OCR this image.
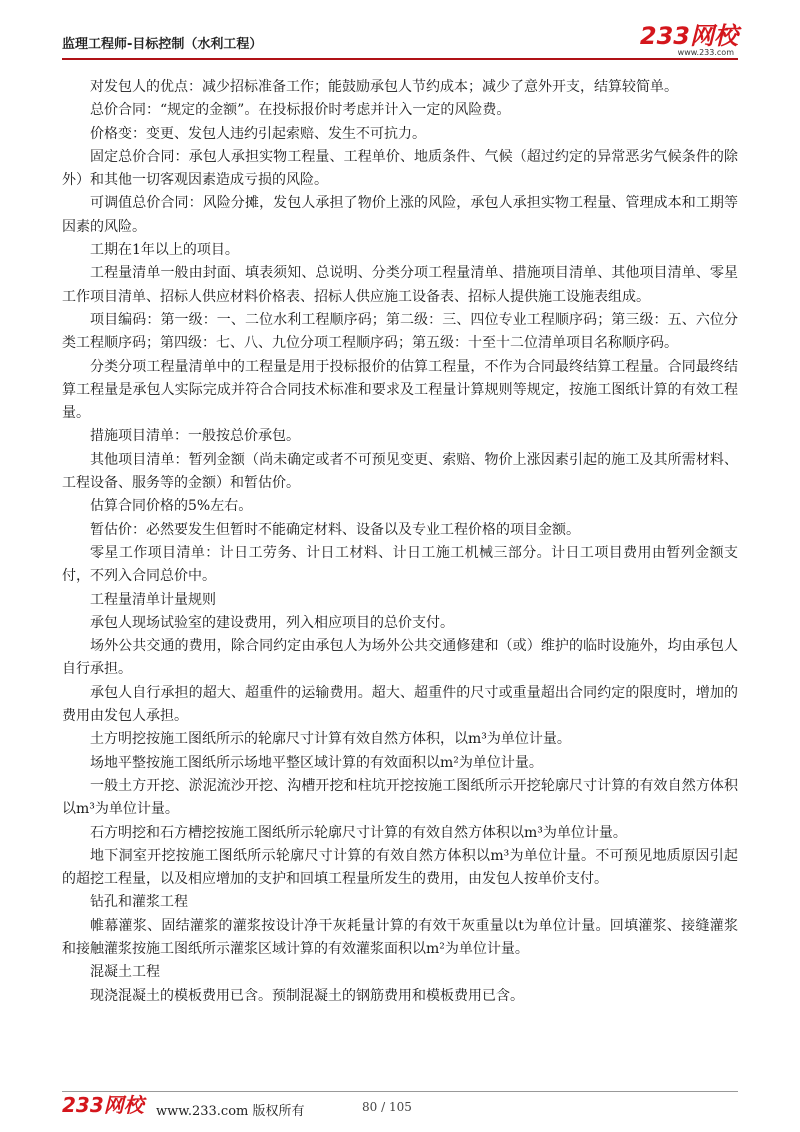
监理工程师-目标控制（水利工程）	233网校
www.233.com

对发包人的优点：减少招标准备工作；能鼓励承包人节约成本；减少了意外开支，结算较简单。

总价合同：“规定的金额”。在投标报价时考虑并计入一定的风险费。

价格变：变更、发包人违约引起索赔、发生不可抗力。

固定总价合同：承包人承担实物工程量、工程单价、地质条件、气候（超过约定的异常恶劣气候条件的除外）和其他一切客观因素造成亏损的风险。

可调值总价合同：风险分摊，发包人承担了物价上涨的风险，承包人承担实物工程量、管理成本和工期等因素的风险。

工期在1年以上的项目。

工程量清单一般由封面、填表须知、总说明、分类分项工程量清单、措施项目清单、其他项目清单、零星工作项目清单、招标人供应材料价格表、招标人供应施工设备表、招标人提供施工设施表组成。

项目编码：第一级：一、二位水利工程顺序码；第二级：三、四位专业工程顺序码；第三级：五、六位分类工程顺序码；第四级：七、八、九位分项工程顺序码；第五级：十至十二位清单项目名称顺序码。

分类分项工程量清单中的工程量是用于投标报价的估算工程量，不作为合同最终结算工程量。合同最终结算工程量是承包人实际完成并符合合同技术标准和要求及工程量计算规则等规定，按施工图纸计算的有效工程量。

措施项目清单：一般按总价承包。

其他项目清单：暂列金额（尚未确定或者不可预见变更、索赔、物价上涨因素引起的施工及其所需材料、工程设备、服务等的金额）和暂估价。

估算合同价格的5%左右。

暂估价：必然要发生但暂时不能确定材料、设备以及专业工程价格的项目金额。

零星工作项目清单：计日工劳务、计日工材料、计日工施工机械三部分。计日工项目费用由暂列金额支付，不列入合同总价中。

工程量清单计量规则

承包人现场试验室的建设费用，列入相应项目的总价支付。

场外公共交通的费用，除合同约定由承包人为场外公共交通修建和（或）维护的临时设施外，均由承包人自行承担。

承包人自行承担的超大、超重件的运输费用。超大、超重件的尺寸或重量超出合同约定的限度时，增加的费用由发包人承担。

土方明挖按施工图纸所示的轮廓尺寸计算有效自然方体积，以m³为单位计量。

场地平整按施工图纸所示场地平整区域计算的有效面积以m²为单位计量。

一般土方开挖、淤泥流沙开挖、沟槽开挖和柱坑开挖按施工图纸所示开挖轮廓尺寸计算的有效自然方体积以m³为单位计量。

石方明挖和石方槽挖按施工图纸所示轮廓尺寸计算的有效自然方体积以m³为单位计量。

地下洞室开挖按施工图纸所示轮廓尺寸计算的有效自然方体积以m³为单位计量。不可预见地质原因引起的超挖工程量，以及相应增加的支护和回填工程量所发生的费用，由发包人按单价支付。

钻孔和灌浆工程

帷幕灌浆、固结灌浆的灌浆按设计净干灰耗量计算的有效干灰重量以t为单位计量。回填灌浆、接缝灌浆和接触灌浆按施工图纸所示灌浆区域计算的有效灌浆面积以m²为单位计量。

混凝土工程

现浇混凝土的模板费用已含。预制混凝土的钢筋费用和模板费用已含。

233网校 www.233.com 版权所有	80 / 105
